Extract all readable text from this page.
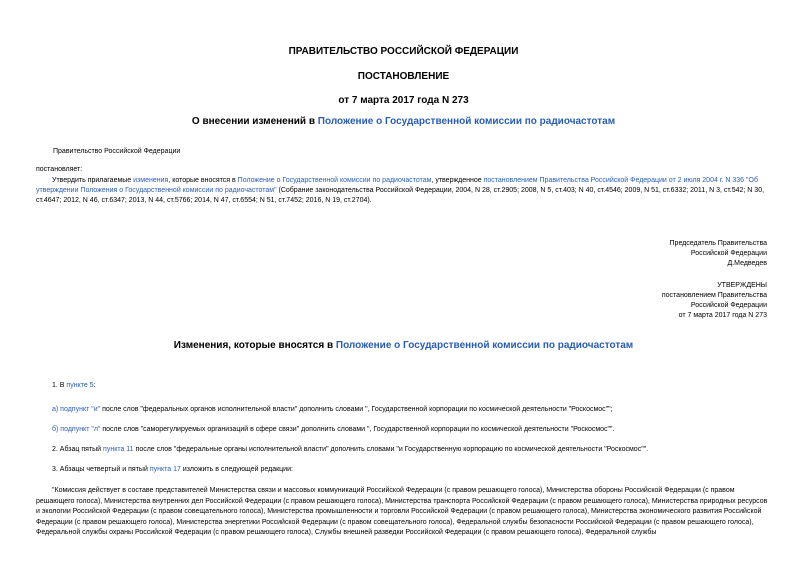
ПРАВИТЕЛЬСТВО РОССИЙСКОЙ ФЕДЕРАЦИИ
ПОСТАНОВЛЕНИЕ
от 7 марта 2017 года N 273
О внесении изменений в Положение о Государственной комиссии по радиочастотам
Правительство Российской Федерации
постановляет:
Утвердить прилагаемые изменения, которые вносятся в Положение о Государственной комиссии по радиочастотам, утвержденное постановлением Правительства Российской Федерации от 2 июля 2004 г. N 336 "Об утверждении Положения о Государственной комиссии по радиочастотам" (Собрание законодательства Российской Федерации, 2004, N 28, ст.2905; 2008, N 5, ст.403; N 40, ст.4546; 2009, N 51, ст.6332; 2011, N 3, ст.542; N 30, ст.4647; 2012, N 46, ст.6347; 2013, N 44, ст.5766; 2014, N 47, ст.6554; N 51, ст.7452; 2016, N 19, ст.2704).
Председатель Правительства
Российской Федерации
Д.Медведев
УТВЕРЖДЕНЫ
постановлением Правительства
Российской Федерации
от 7 марта 2017 года N 273
Изменения, которые вносятся в Положение о Государственной комиссии по радиочастотам
1. В пункте 5:
а) подпункт "и" после слов "федеральных органов исполнительной власти" дополнить словами ", Государственной корпорации по космической деятельности "Роскосмос"";
б) подпункт "л" после слов "саморегулируемых организаций в сфере связи" дополнить словами ", Государственной корпорации по космической деятельности "Роскосмос"".
2. Абзац пятый пункта 11 после слов "федеральные органы исполнительной власти" дополнить словами "и Государственную корпорацию по космической деятельности "Роскосмос"".
3. Абзацы четвертый и пятый пункта 17 изложить в следующей редакции:
"Комиссия действует в составе представителей Министерства связи и массовых коммуникаций Российской Федерации (с правом решающего голоса), Министерства обороны Российской Федерации (с правом решающего голоса), Министерства внутренних дел Российской Федерации (с правом решающего голоса), Министерства транспорта Российской Федерации (с правом решающего голоса), Министерства природных ресурсов и экологии Российской Федерации (с правом совещательного голоса), Министерства промышленности и торговли Российской Федерации (с правом решающего голоса), Министерства экономического развития Российской Федерации (с правом решающего голоса), Министерства энергетики Российской Федерации (с правом совещательного голоса), Федеральной службы безопасности Российской Федерации (с правом решающего голоса), Федеральной службы охраны Российской Федерации (с правом решающего голоса), Службы внешней разведки Российской Федерации (с правом решающего голоса), Федеральной службы
